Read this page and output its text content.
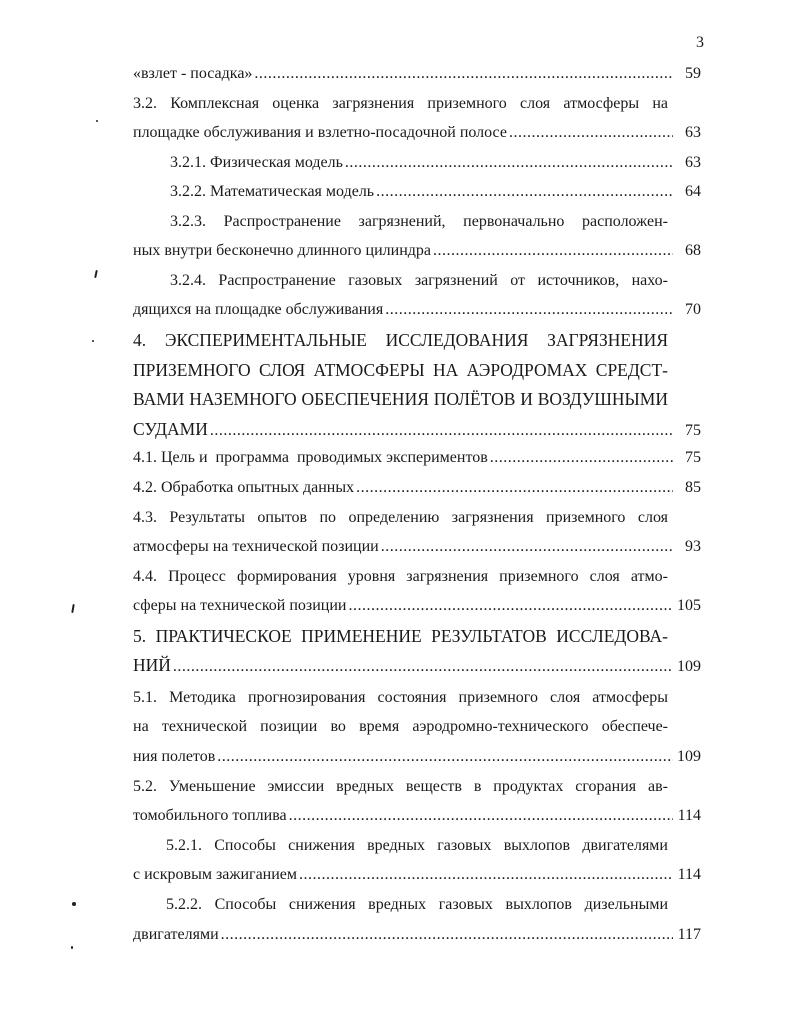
3
«взлет - посадка» .....	59
3.2. Комплексная оценка загрязнения приземного слоя атмосферы на
площадке обслуживания и взлетно-посадочной полосе .....	63
3.2.1. Физическая модель .....	63
3.2.2. Математическая модель .....	64
3.2.3. Распространение загрязнений, первоначально расположен-
ных внутри бесконечно длинного цилиндра .....	68
3.2.4. Распространение газовых загрязнений от источников, нахо-
дящихся на площадке обслуживания .....	70
4. ЭКСПЕРИМЕНТАЛЬНЫЕ ИССЛЕДОВАНИЯ ЗАГРЯЗНЕНИЯ
ПРИЗЕМНОГО СЛОЯ АТМОСФЕРЫ НА АЭРОДРОМАХ СРЕДСТ-
ВАМИ НАЗЕМНОГО ОБЕСПЕЧЕНИЯ ПОЛЁТОВ И ВОЗДУШНЫМИ
СУДАМИ .....	75
4.1. Цель и  программа  проводимых экспериментов .....	75
4.2. Обработка опытных данных .....	85
4.3. Результаты опытов по определению загрязнения приземного слоя
атмосферы на технической позиции .....	93
4.4. Процесс формирования уровня загрязнения приземного слоя атмо-
сферы на технической позиции .....	105
5. ПРАКТИЧЕСКОЕ ПРИМЕНЕНИЕ РЕЗУЛЬТАТОВ ИССЛЕДОВА-
НИЙ .....	109
5.1. Методика прогнозирования состояния приземного слоя атмосферы
на технической позиции во время аэродромно-технического обеспече-
ния полетов .....	109
5.2. Уменьшение эмиссии вредных веществ в продуктах сгорания ав-
томобильного топлива .....	114
5.2.1. Способы снижения вредных газовых выхлопов двигателями
с искровым зажиганием .....	114
5.2.2. Способы снижения вредных газовых выхлопов дизельными
двигателями .....	117
